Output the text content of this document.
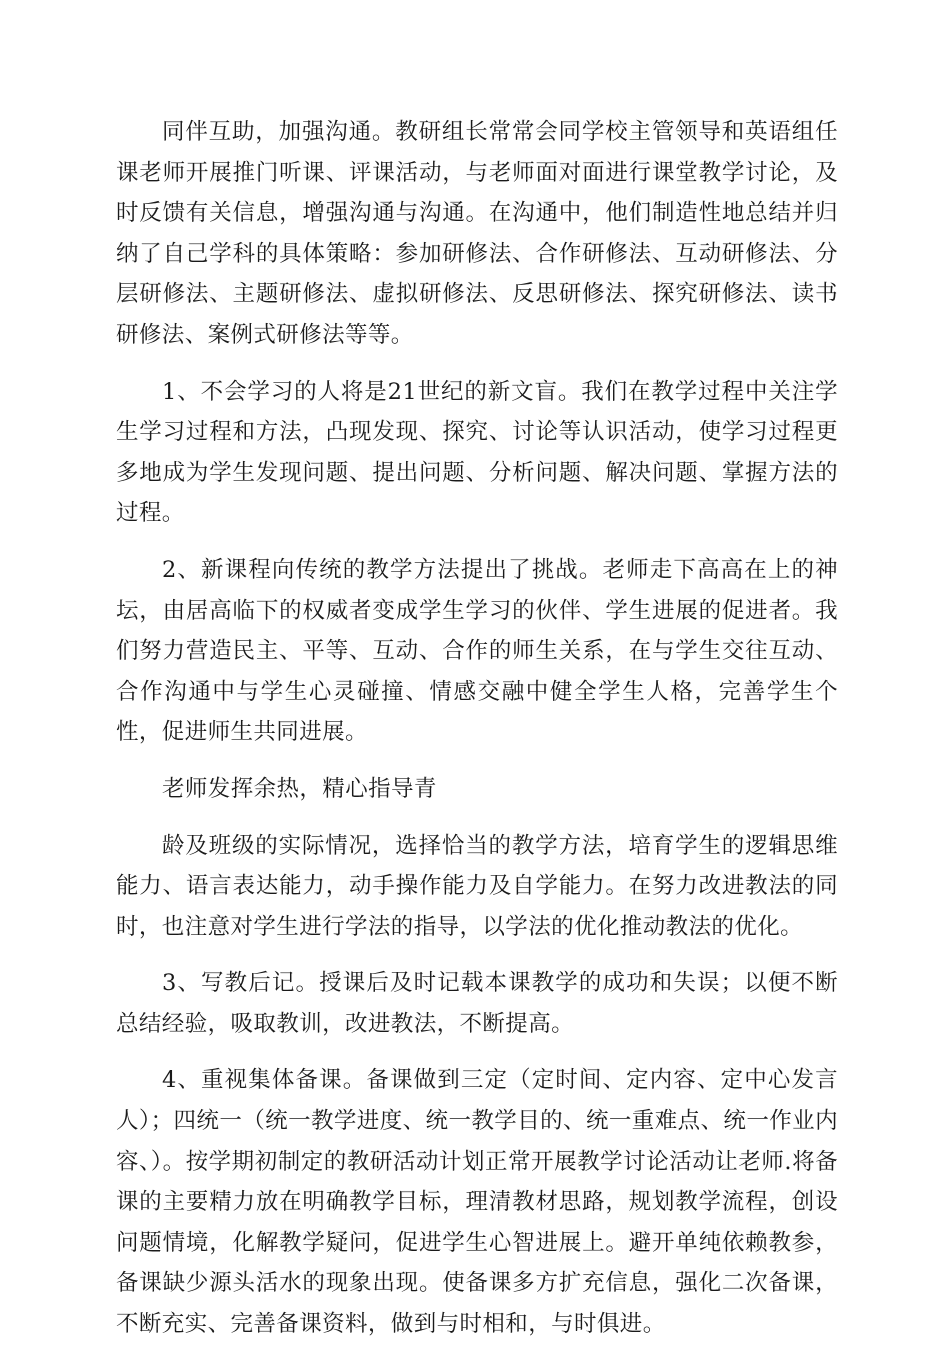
同伴互助，加强沟通。教研组长常常会同学校主管领导和英语组任课老师开展推门听课、评课活动，与老师面对面进行课堂教学讨论，及时反馈有关信息，增强沟通与沟通。在沟通中，他们制造性地总结并归纳了自己学科的具体策略：参加研修法、合作研修法、互动研修法、分层研修法、主题研修法、虚拟研修法、反思研修法、探究研修法、读书研修法、案例式研修法等等。

1、不会学习的人将是21世纪的新文盲。我们在教学过程中关注学生学习过程和方法，凸现发现、探究、讨论等认识活动，使学习过程更多地成为学生发现问题、提出问题、分析问题、解决问题、掌握方法的过程。

2、新课程向传统的教学方法提出了挑战。老师走下高高在上的神坛，由居高临下的权威者变成学生学习的伙伴、学生进展的促进者。我们努力营造民主、平等、互动、合作的师生关系，在与学生交往互动、合作沟通中与学生心灵碰撞、情感交融中健全学生人格，完善学生个性，促进师生共同进展。

老师发挥余热，精心指导青

龄及班级的实际情况，选择恰当的教学方法，培育学生的逻辑思维能力、语言表达能力，动手操作能力及自学能力。在努力改进教法的同时，也注意对学生进行学法的指导，以学法的优化推动教法的优化。

3、写教后记。授课后及时记载本课教学的成功和失误；以便不断总结经验，吸取教训，改进教法，不断提高。

4、重视集体备课。备课做到三定（定时间、定内容、定中心发言人）；四统一（统一教学进度、统一教学目的、统一重难点、统一作业内容、）。按学期初制定的教研活动计划正常开展教学讨论活动让老师.将备课的主要精力放在明确教学目标，理清教材思路，规划教学流程，创设问题情境，化解教学疑问，促进学生心智进展上。避开单纯依赖教参，备课缺少源头活水的现象出现。使备课多方扩充信息，强化二次备课，不断充实、完善备课资料，做到与时相和，与时俱进。
